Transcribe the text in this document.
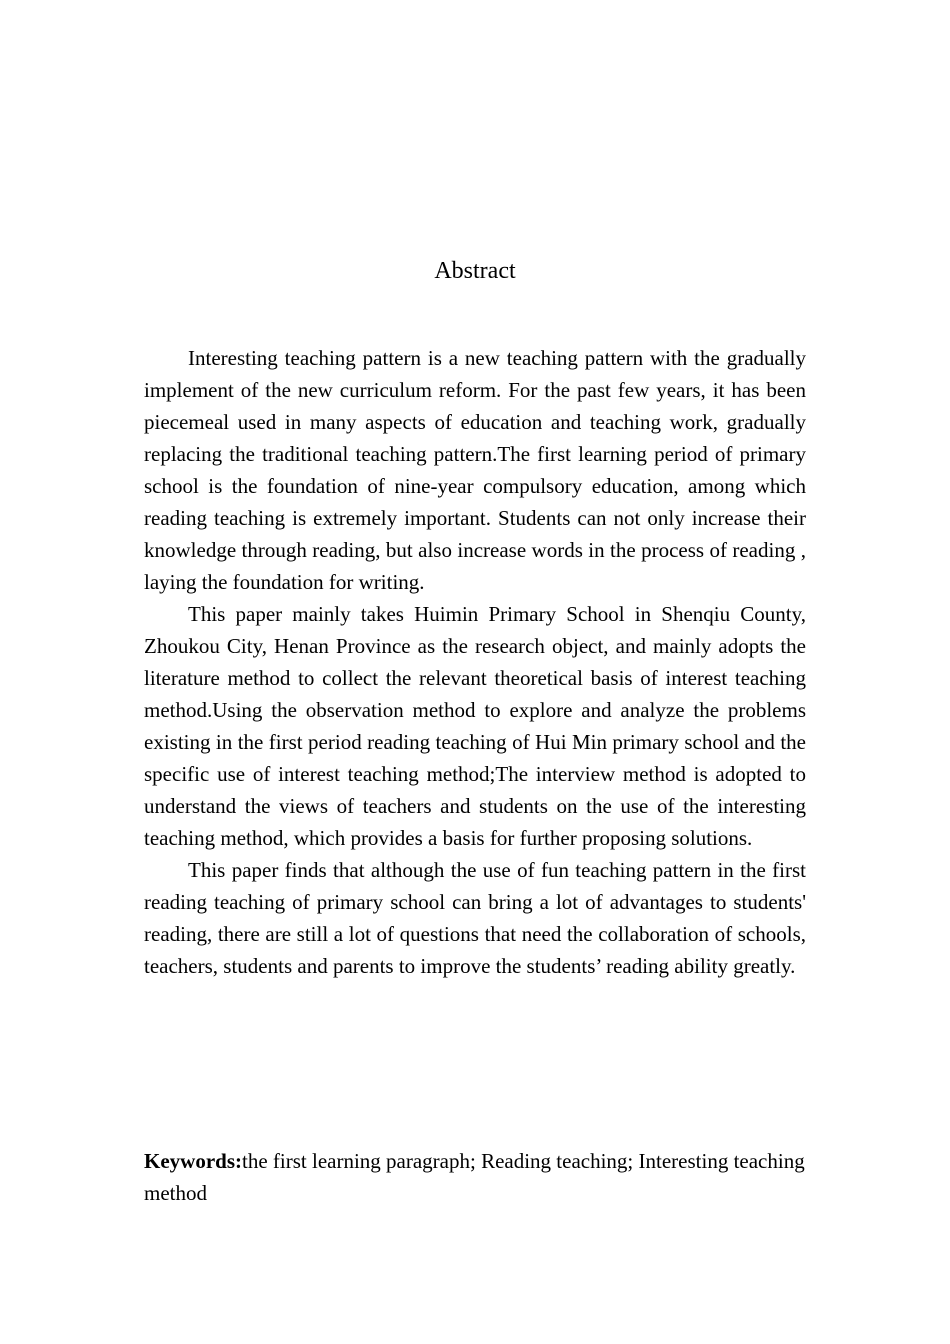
Abstract

Interesting teaching pattern is a new teaching pattern with the gradually implement of the new curriculum reform. For the past few years, it has been piecemeal used in many aspects of education and teaching work, gradually replacing the traditional teaching pattern.The first learning period of primary school is the foundation of nine-year compulsory education, among which reading teaching is extremely important. Students can not only increase their knowledge through reading, but also increase words in the process of reading , laying the foundation for writing.

This paper mainly takes Huimin Primary School in Shenqiu County, Zhoukou City, Henan Province as the research object, and mainly adopts the literature method to collect the relevant theoretical basis of interest teaching method.Using the observation method to explore and analyze the problems existing in the first period reading teaching of Hui Min primary school and the specific use of interest teaching method;The interview method is adopted to understand the views of teachers and students on the use of the interesting teaching method, which provides a basis for further proposing solutions.

This paper finds that although the use of fun teaching pattern in the first reading teaching of primary school can bring a lot of advantages to students' reading, there are still a lot of questions that need the collaboration of schools, teachers, students and parents to improve the students’ reading ability greatly.

Keywords:the first learning paragraph; Reading teaching; Interesting teaching method
